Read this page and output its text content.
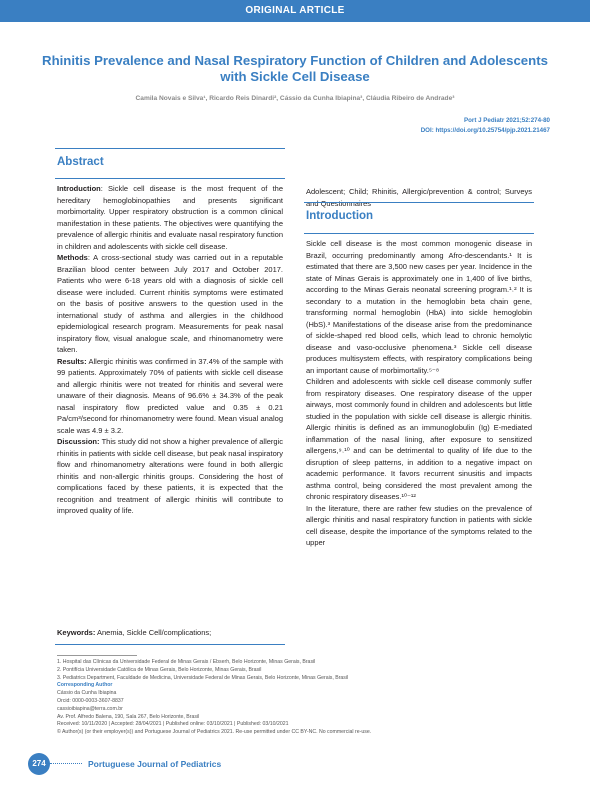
ORIGINAL ARTICLE
Rhinitis Prevalence and Nasal Respiratory Function of Children and Adolescents with Sickle Cell Disease
Camila Novais e Silva¹, Ricardo Reis Dinardi², Cássio da Cunha Ibiapina³, Cláudia Ribeiro de Andrade³
Port J Pediatr 2021;52:274-80
DOI: https://doi.org/10.25754/pjp.2021.21467
Abstract

Introduction: Sickle cell disease is the most frequent of the hereditary hemoglobinopathies and presents significant morbimortality. Upper respiratory obstruction is a common clinical manifestation in these patients. The objectives were quantifying the prevalence of allergic rhinitis and evaluate nasal respiratory function in children and adolescents with sickle cell disease.

Methods: A cross-sectional study was carried out in a reputable Brazilian blood center between July 2017 and October 2017. Patients who were 6-18 years old with a diagnosis of sickle cell disease were included. Current rhinitis symptoms were estimated on the basis of positive answers to the question used in the international study of asthma and allergies in the childhood epidemiological research program. Measurements for peak nasal inspiratory flow, visual analogue scale, and rhinomanometry were taken.

Results: Allergic rhinitis was confirmed in 37.4% of the sample with 99 patients. Approximately 70% of patients with sickle cell disease and allergic rhinitis were not treated for rhinitis and several were unaware of their diagnosis. Means of 96.6% ± 34.3% of the peak nasal inspiratory flow predicted value and 0.35 ± 0.21 Pa/cm³/second for rhinomanometry were found. Mean visual analog scale was 4.9 ± 3.2.

Discussion: This study did not show a higher prevalence of allergic rhinitis in patients with sickle cell disease, but peak nasal inspiratory flow and rhinomanometry alterations were found in both allergic rhinitis and non-allergic rhinitis groups. Considering the host of complications faced by these patients, it is expected that the recognition and treatment of allergic rhinitis will contribute to improved quality of life.

Keywords: Anemia, Sickle Cell/complications;
Adolescent; Child; Rhinitis, Allergic/prevention & control; Surveys and Questionnaires
Introduction

Sickle cell disease is the most common monogenic disease in Brazil, occurring predominantly among Afro-descendants.¹ It is estimated that there are 3,500 new cases per year. Incidence in the state of Minas Gerais is approximately one in 1,400 of live births, according to the Minas Gerais neonatal screening program.¹˒² It is secondary to a mutation in the hemoglobin beta chain gene, transforming normal hemoglobin (HbA) into sickle hemoglobin (HbS).³ Manifestations of the disease arise from the predominance of sickle-shaped red blood cells, which lead to chronic hemolytic disease and vaso-occlusive phenomena.³ Sickle cell disease produces multisystem effects, with respiratory complications being an important cause of morbimortality.⁵⁻⁸

Children and adolescents with sickle cell disease commonly suffer from respiratory diseases. One respiratory disease of the upper airways, most commonly found in children and adolescents but little studied in the population with sickle cell disease is allergic rhinitis. Allergic rhinitis is defined as an immunoglobulin (Ig) E-mediated inflammation of the nasal lining, after exposure to sensitized allergens,⁹˒¹⁰ and can be detrimental to quality of life due to the disruption of sleep patterns, in addition to a negative impact on academic performance. It favors recurrent sinusitis and impacts asthma control, being considered the most prevalent among the chronic respiratory diseases.¹⁰⁻¹²

In the literature, there are rather few studies on the prevalence of allergic rhinitis and nasal respiratory function in patients with sickle cell disease, despite the importance of the symptoms related to the upper

1. Hospital das Clínicas da Universidade Federal de Minas Gerais / Ebserh, Belo Horizonte, Minas Gerais, Brasil
2. Pontifícia Universidade Católica de Minas Gerais, Belo Horizonte, Minas Gerais, Brasil
3. Pediatrics Department, Faculdade de Medicina, Universidade Federal de Minas Gerais, Belo Horizonte, Minas Gerais, Brasil
Corresponding Author
Cássio da Cunha Ibiapina
Orcid: 0000-0003-3607-8837
cassioibiapina@terra.com.br
Av. Prof. Alfredo Balena, 190, Sala 267, Belo Horizonte, Brasil
Received: 10/11/2020 | Accepted: 28/04/2021 | Published online: 03/10/2021 | Published: 03/10/2021
© Author(s) (or their employer(s)) and Portuguese Journal of Pediatrics 2021. Re-use permitted under CC BY-NC. No commercial re-use.
274	Portuguese Journal of Pediatrics
